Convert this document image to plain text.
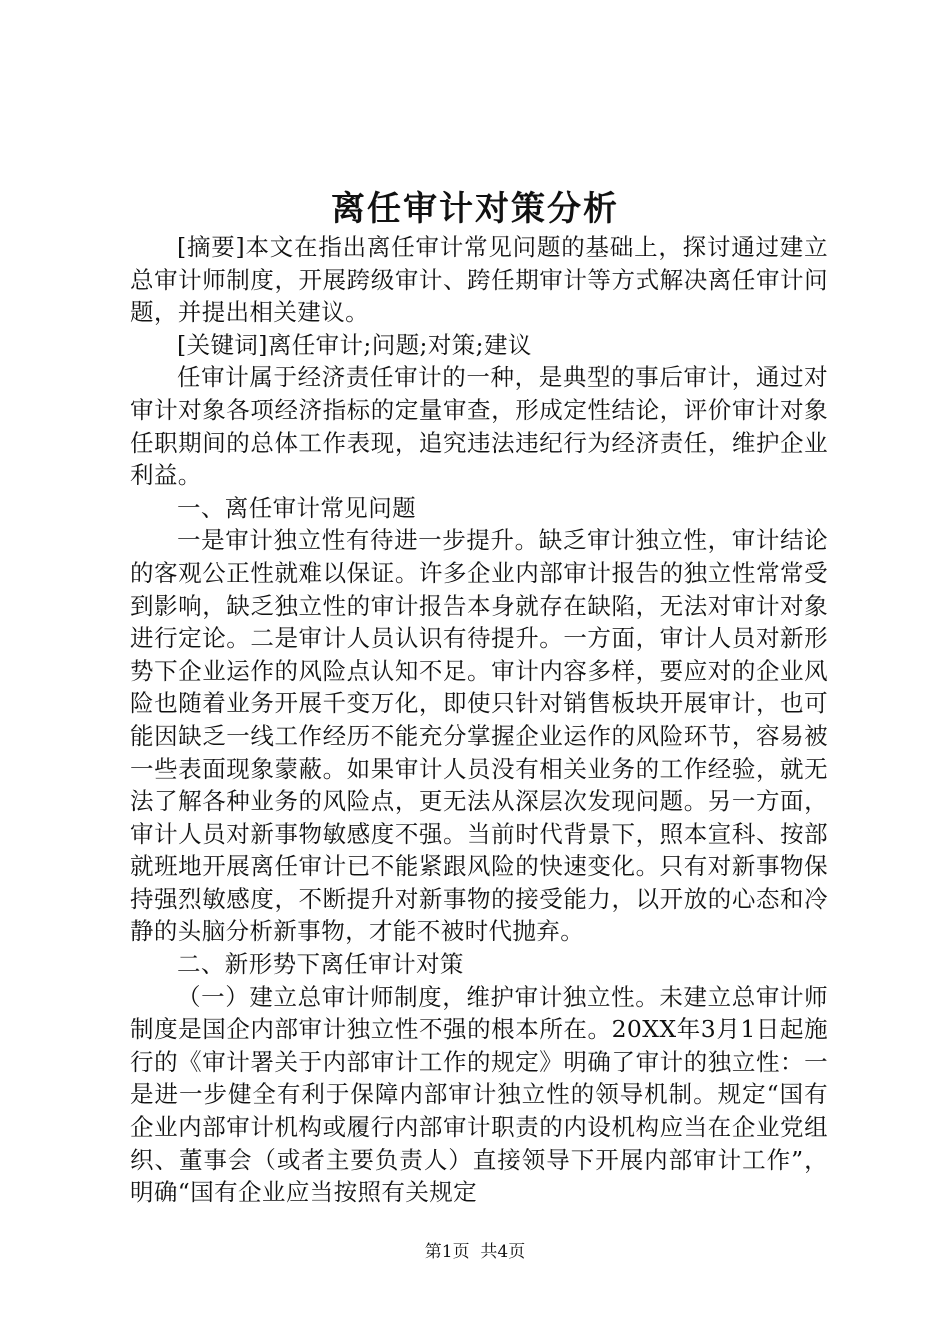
离任审计对策分析

[摘要]本文在指出离任审计常见问题的基础上，探讨通过建立总审计师制度，开展跨级审计、跨任期审计等方式解决离任审计问题，并提出相关建议。

[关键词]离任审计;问题;对策;建议

任审计属于经济责任审计的一种，是典型的事后审计，通过对审计对象各项经济指标的定量审查，形成定性结论，评价审计对象任职期间的总体工作表现，追究违法违纪行为经济责任，维护企业利益。

一、离任审计常见问题

一是审计独立性有待进一步提升。缺乏审计独立性，审计结论的客观公正性就难以保证。许多企业内部审计报告的独立性常常受到影响，缺乏独立性的审计报告本身就存在缺陷，无法对审计对象进行定论。二是审计人员认识有待提升。一方面，审计人员对新形势下企业运作的风险点认知不足。审计内容多样，要应对的企业风险也随着业务开展千变万化，即使只针对销售板块开展审计，也可能因缺乏一线工作经历不能充分掌握企业运作的风险环节，容易被一些表面现象蒙蔽。如果审计人员没有相关业务的工作经验，就无法了解各种业务的风险点，更无法从深层次发现问题。另一方面，审计人员对新事物敏感度不强。当前时代背景下，照本宣科、按部就班地开展离任审计已不能紧跟风险的快速变化。只有对新事物保持强烈敏感度，不断提升对新事物的接受能力，以开放的心态和冷静的头脑分析新事物，才能不被时代抛弃。

二、新形势下离任审计对策

（一）建立总审计师制度，维护审计独立性。未建立总审计师制度是国企内部审计独立性不强的根本所在。20XX年3月1日起施行的《审计署关于内部审计工作的规定》明确了审计的独立性：一是进一步健全有利于保障内部审计独立性的领导机制。规定“国有企业内部审计机构或履行内部审计职责的内设机构应当在企业党组织、董事会（或者主要负责人）直接领导下开展内部审计工作”，明确“国有企业应当按照有关规定

第1页  共4页
